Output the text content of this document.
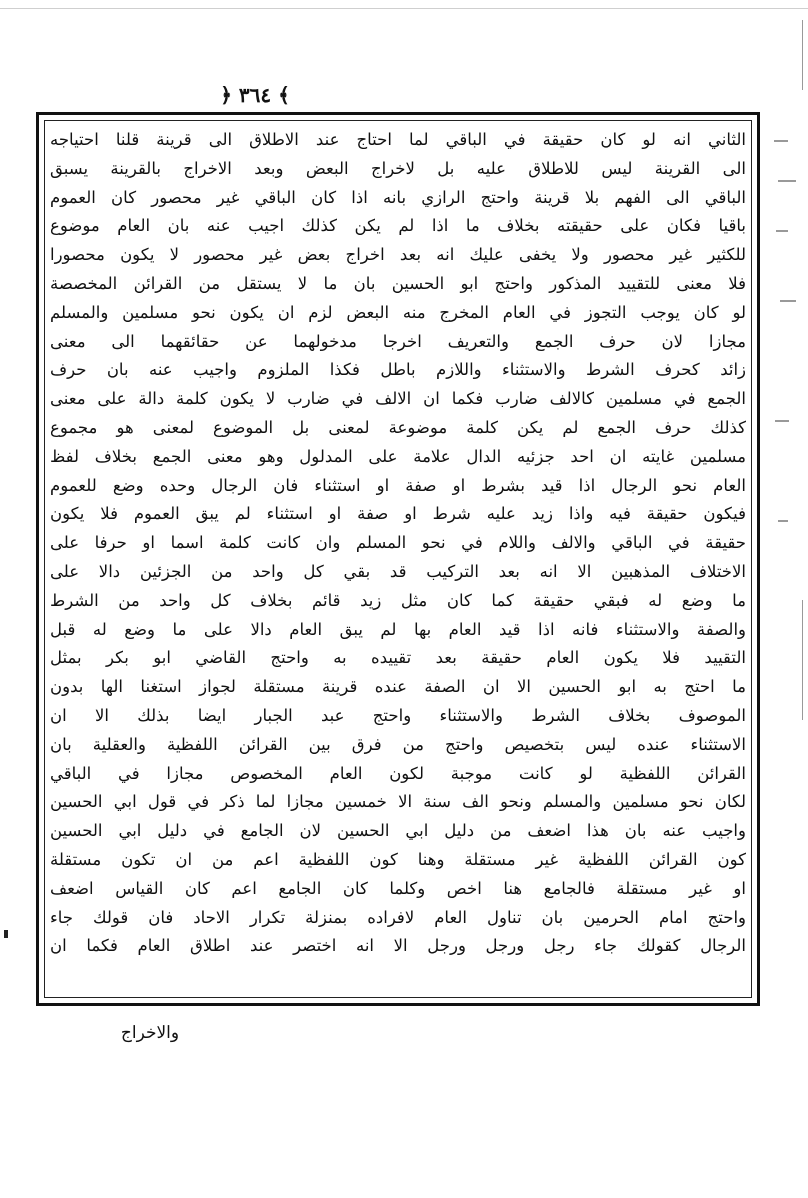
﴿ ٣٦٤ ﴾
الثاني انه لو كان حقيقة في الباقي لما احتاج عند الاطلاق الى قرينة قلنا احتياجه
الى القرينة ليس للاطلاق عليه بل لاخراج البعض وبعد الاخراج بالقرينة يسبق
الباقي الى الفهم بلا قرينة واحتج الرازي بانه اذا كان الباقي غير محصور كان العموم
باقيا فكان على حقيقته بخلاف ما اذا لم يكن كذلك اجيب عنه بان العام موضوع
للكثير غير محصور ولا يخفى عليك انه بعد اخراج بعض غير محصور لا يكون محصورا
فلا معنى للتقييد المذكور واحتج ابو الحسين بان ما لا يستقل من القرائن المخصصة
لو كان يوجب التجوز في العام المخرج منه البعض لزم ان يكون نحو مسلمين والمسلم
مجازا لان حرف الجمع والتعريف اخرجا مدخولهما عن حقائقهما الى معنى
زائد كحرف الشرط والاستثناء واللازم باطل فكذا الملزوم واجيب عنه بان حرف
الجمع في مسلمين كالالف ضارب فكما ان الالف في ضارب لا يكون كلمة دالة على معنى
كذلك حرف الجمع لم يكن كلمة موضوعة لمعنى بل الموضوع لمعنى هو مجموع
مسلمين غايته ان احد جزئيه الدال علامة على المدلول وهو معنى الجمع بخلاف لفظ
العام نحو الرجال اذا قيد بشرط او صفة او استثناء فان الرجال وحده وضع للعموم
فيكون حقيقة فيه واذا زيد عليه شرط او صفة او استثناء لم يبق العموم فلا يكون
حقيقة في الباقي والالف واللام في نحو المسلم وان كانت كلمة اسما او حرفا على
الاختلاف المذهبين الا انه بعد التركيب قد بقي كل واحد من الجزئين دالا على
ما وضع له فبقي حقيقة كما كان مثل زيد قائم بخلاف كل واحد من الشرط
والصفة والاستثناء فانه اذا قيد العام بها لم يبق العام دالا على ما وضع له قبل
التقييد فلا يكون العام حقيقة بعد تقييده به واحتج القاضي ابو بكر بمثل
ما احتج به ابو الحسين الا ان الصفة عنده قرينة مستقلة لجواز استغنا الها بدون
الموصوف بخلاف الشرط والاستثناء واحتج عبد الجبار ايضا بذلك الا ان
الاستثناء عنده ليس بتخصيص واحتج من فرق بين القرائن اللفظية والعقلية بان
القرائن اللفظية لو كانت موجبة لكون العام المخصوص مجازا في الباقي
لكان نحو مسلمين والمسلم ونحو الف سنة الا خمسين مجازا لما ذكر في قول ابي الحسين
واجيب عنه بان هذا اضعف من دليل ابي الحسين لان الجامع في دليل ابي الحسين
كون القرائن اللفظية غير مستقلة وهنا كون اللفظية اعم من ان تكون مستقلة
او غير مستقلة فالجامع هنا اخص وكلما كان الجامع اعم كان القياس اضعف
واحتج امام الحرمين بان تناول العام لافراده بمنزلة تكرار الاحاد فان قولك جاء
الرجال كقولك جاء رجل ورجل ورجل الا انه اختصر عند اطلاق العام فكما ان
والاخراج
